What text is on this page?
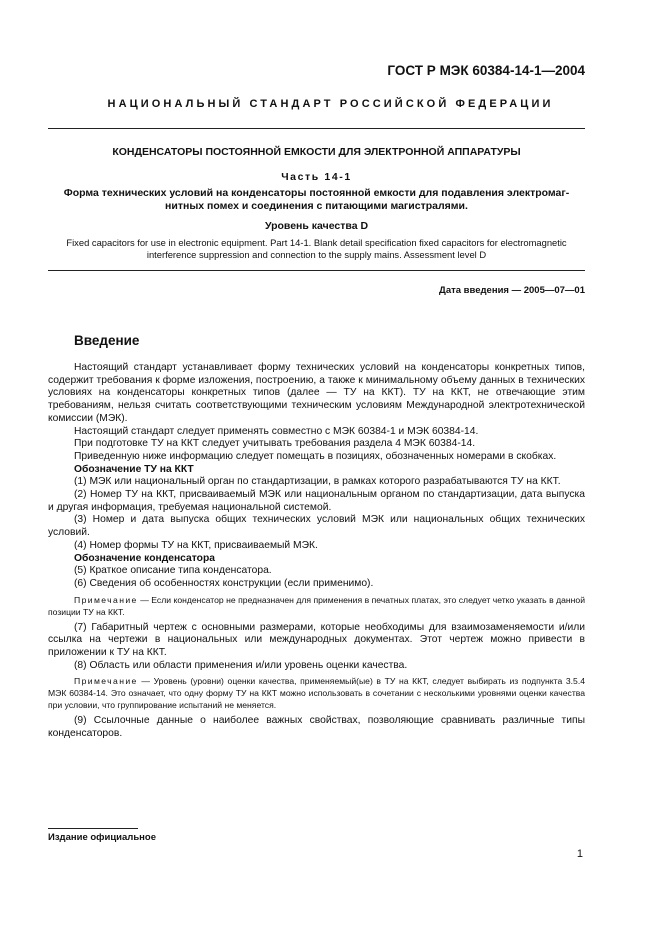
ГОСТ Р МЭК 60384-14-1—2004
НАЦИОНАЛЬНЫЙ СТАНДАРТ РОССИЙСКОЙ ФЕДЕРАЦИИ
КОНДЕНСАТОРЫ ПОСТОЯННОЙ ЕМКОСТИ ДЛЯ ЭЛЕКТРОННОЙ АППАРАТУРЫ
Часть 14-1
Форма технических условий на конденсаторы постоянной емкости для подавления электромаг-
нитных помех и соединения с питающими магистралями.
Уровень качества D
Fixed capacitors for use in electronic equipment. Part 14-1. Blank detail specification fixed capacitors for electromagnetic
interference suppression and connection to the supply mains. Assessment level D
Дата введения — 2005—07—01
Введение

Настоящий стандарт устанавливает форму технических условий на конденсаторы конкретных типов, содержит требования к форме изложения, построению, а также к минимальному объему данных в технических условиях на конденсаторы конкретных типов (далее — ТУ на ККТ). ТУ на ККТ, не отвечающие этим требованиям, нельзя считать соответствующими техническим условиям Международной электротехнической комиссии (МЭК).

Настоящий стандарт следует применять совместно с МЭК 60384-1 и МЭК 60384-14.

При подготовке ТУ на ККТ следует учитывать требования раздела 4 МЭК 60384-14.

Приведенную ниже информацию следует помещать в позициях, обозначенных номерами в скобках.

Обозначение ТУ на ККТ

(1) МЭК или национальный орган по стандартизации, в рамках которого разрабатываются ТУ на ККТ.

(2) Номер ТУ на ККТ, присваиваемый МЭК или национальным органом по стандартизации, дата выпуска и другая информация, требуемая национальной системой.

(3) Номер и дата выпуска общих технических условий МЭК или национальных общих технических условий.

(4) Номер формы ТУ на ККТ, присваиваемый МЭК.

Обозначение конденсатора

(5) Краткое описание типа конденсатора.

(6) Сведения об особенностях конструкции (если применимо).

Примечание — Если конденсатор не предназначен для применения в печатных платах, это следует четко указать в данной позиции ТУ на ККТ.

(7) Габаритный чертеж с основными размерами, которые необходимы для взаимозаменяемости и/или ссылка на чертежи в национальных или международных документах. Этот чертеж можно привести в приложении к ТУ на ККТ.

(8) Область или области применения и/или уровень оценки качества.

Примечание — Уровень (уровни) оценки качества, применяемый(ые) в ТУ на ККТ, следует выбирать из подпункта 3.5.4 МЭК 60384-14. Это означает, что одну форму ТУ на ККТ можно использовать в сочетании с несколькими уровнями оценки качества при условии, что группирование испытаний не меняется.

(9) Ссылочные данные о наиболее важных свойствах, позволяющие сравнивать различные типы конденсаторов.

Издание официальное
1
